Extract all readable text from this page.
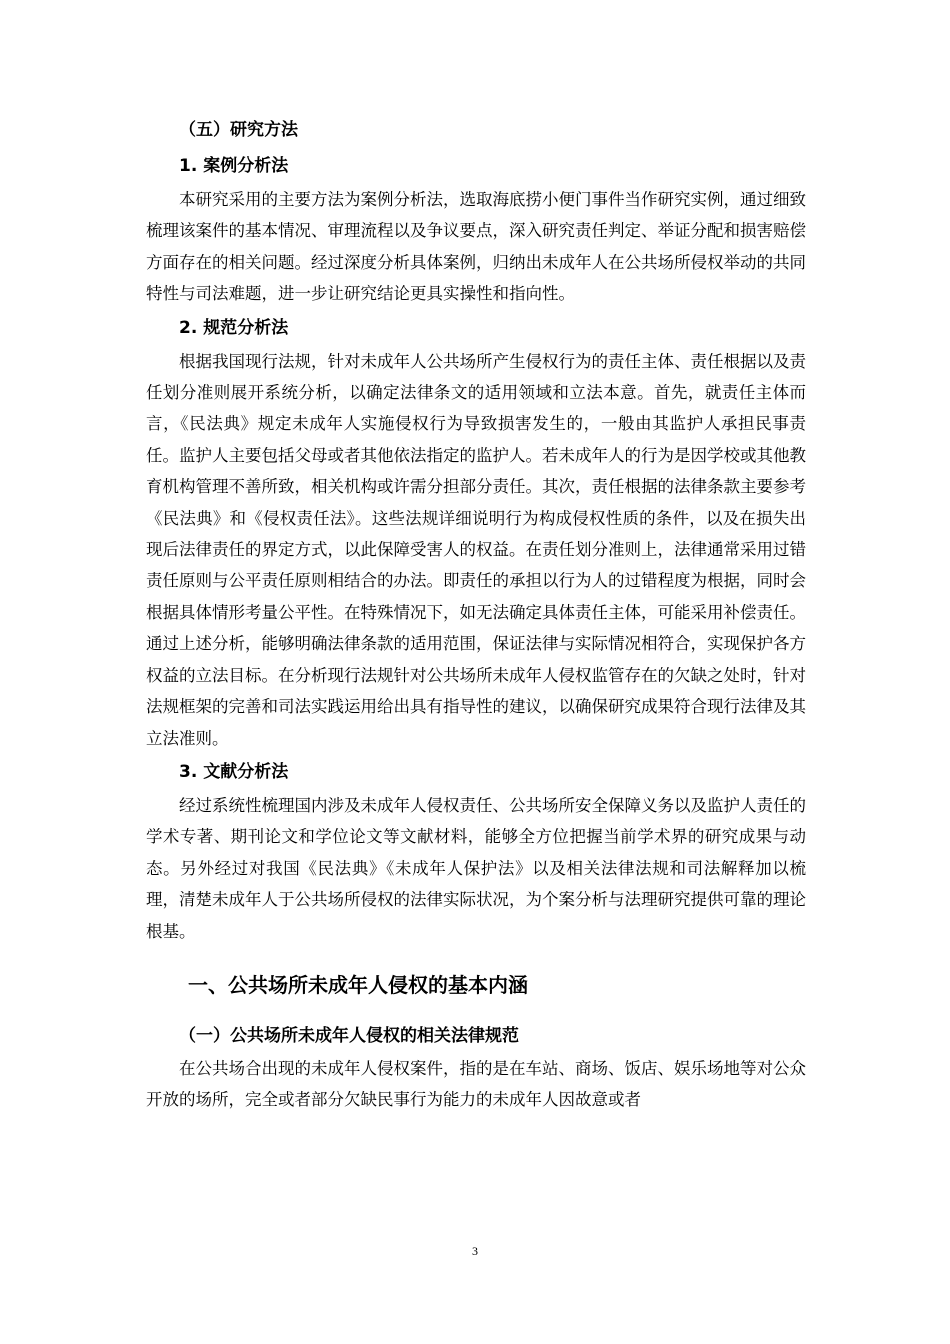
（五）研究方法
1. 案例分析法

本研究采用的主要方法为案例分析法，选取海底捞小便门事件当作研究实例，通过细致梳理该案件的基本情况、审理流程以及争议要点，深入研究责任判定、举证分配和损害赔偿方面存在的相关问题。经过深度分析具体案例，归纳出未成年人在公共场所侵权举动的共同特性与司法难题，进一步让研究结论更具实操性和指向性。

2. 规范分析法

根据我国现行法规，针对未成年人公共场所产生侵权行为的责任主体、责任根据以及责任划分准则展开系统分析，以确定法律条文的适用领域和立法本意。首先，就责任主体而言，《民法典》规定未成年人实施侵权行为导致损害发生的，一般由其监护人承担民事责任。监护人主要包括父母或者其他依法指定的监护人。若未成年人的行为是因学校或其他教育机构管理不善所致，相关机构或许需分担部分责任。其次，责任根据的法律条款主要参考《民法典》和《侵权责任法》。这些法规详细说明行为构成侵权性质的条件，以及在损失出现后法律责任的界定方式，以此保障受害人的权益。在责任划分准则上，法律通常采用过错责任原则与公平责任原则相结合的办法。即责任的承担以行为人的过错程度为根据，同时会根据具体情形考量公平性。在特殊情况下，如无法确定具体责任主体，可能采用补偿责任。通过上述分析，能够明确法律条款的适用范围，保证法律与实际情况相符合，实现保护各方权益的立法目标。在分析现行法规针对公共场所未成年人侵权监管存在的欠缺之处时，针对法规框架的完善和司法实践运用给出具有指导性的建议，以确保研究成果符合现行法律及其立法准则。

3. 文献分析法

经过系统性梳理国内涉及未成年人侵权责任、公共场所安全保障义务以及监护人责任的学术专著、期刊论文和学位论文等文献材料，能够全方位把握当前学术界的研究成果与动态。另外经过对我国《民法典》《未成年人保护法》以及相关法律法规和司法解释加以梳理，清楚未成年人于公共场所侵权的法律实际状况，为个案分析与法理研究提供可靠的理论根基。

一、公共场所未成年人侵权的基本内涵
（一）公共场所未成年人侵权的相关法律规范

在公共场合出现的未成年人侵权案件，指的是在车站、商场、饭店、娱乐场地等对公众开放的场所，完全或者部分欠缺民事行为能力的未成年人因故意或者

3
